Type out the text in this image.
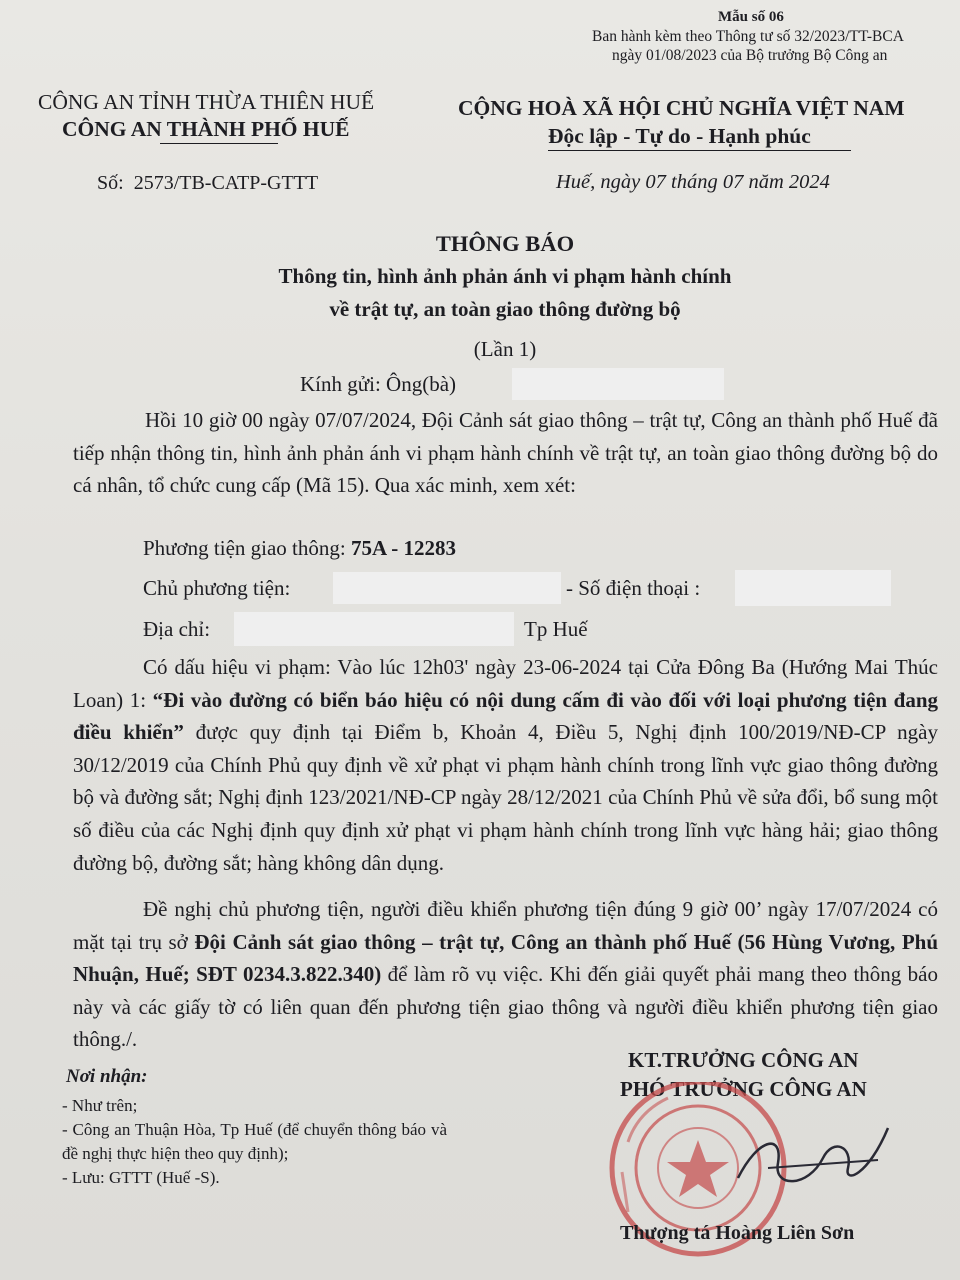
Mẫu số 06
Ban hành kèm theo Thông tư số 32/2023/TT-BCA
ngày 01/08/2023 của Bộ trưởng Bộ Công an
CÔNG AN TỈNH THỪA THIÊN HUẾ
CÔNG AN THÀNH PHỐ HUẾ
CỘNG HOÀ XÃ HỘI CHỦ NGHĨA VIỆT NAM
Độc lập - Tự do - Hạnh phúc
Số: 2573/TB-CATP-GTTT	Huế, ngày 07 tháng 07 năm 2024
THÔNG BÁO
Thông tin, hình ảnh phản ánh vi phạm hành chính
về trật tự, an toàn giao thông đường bộ
(Lần 1)
Kính gửi: Ông(bà)

Hồi 10 giờ 00 ngày 07/07/2024, Đội Cảnh sát giao thông – trật tự, Công an thành phố Huế đã tiếp nhận thông tin, hình ảnh phản ánh vi phạm hành chính về trật tự, an toàn giao thông đường bộ do cá nhân, tổ chức cung cấp (Mã 15). Qua xác minh, xem xét:

Phương tiện giao thông: 75A - 12283
Chủ phương tiện:	- Số điện thoại :
Địa chỉ:	Tp Huế

Có dấu hiệu vi phạm: Vào lúc 12h03' ngày 23-06-2024 tại Cửa Đông Ba (Hướng Mai Thúc Loan) 1: “Đi vào đường có biển báo hiệu có nội dung cấm đi vào đối với loại phương tiện đang điều khiển” được quy định tại Điểm b, Khoản 4, Điều 5, Nghị định 100/2019/NĐ-CP ngày 30/12/2019 của Chính Phủ quy định về xử phạt vi phạm hành chính trong lĩnh vực giao thông đường bộ và đường sắt; Nghị định 123/2021/NĐ-CP ngày 28/12/2021 của Chính Phủ về sửa đổi, bổ sung một số điều của các Nghị định quy định xử phạt vi phạm hành chính trong lĩnh vực hàng hải; giao thông đường bộ, đường sắt; hàng không dân dụng.

Đề nghị chủ phương tiện, người điều khiển phương tiện đúng 9 giờ 00’ ngày 17/07/2024 có mặt tại trụ sở Đội Cảnh sát giao thông – trật tự, Công an thành phố Huế (56 Hùng Vương, Phú Nhuận, Huế; SĐT 0234.3.822.340) để làm rõ vụ việc. Khi đến giải quyết phải mang theo thông báo này và các giấy tờ có liên quan đến phương tiện giao thông và người điều khiển phương tiện giao thông./.

Nơi nhận:
- Như trên;
- Công an Thuận Hòa, Tp Huế (để chuyển thông báo và đề nghị thực hiện theo quy định);
- Lưu: GTTT (Huế -S).
KT.TRƯỞNG CÔNG AN
PHÓ TRƯỞNG CÔNG AN
Thượng tá Hoàng Liên Sơn
